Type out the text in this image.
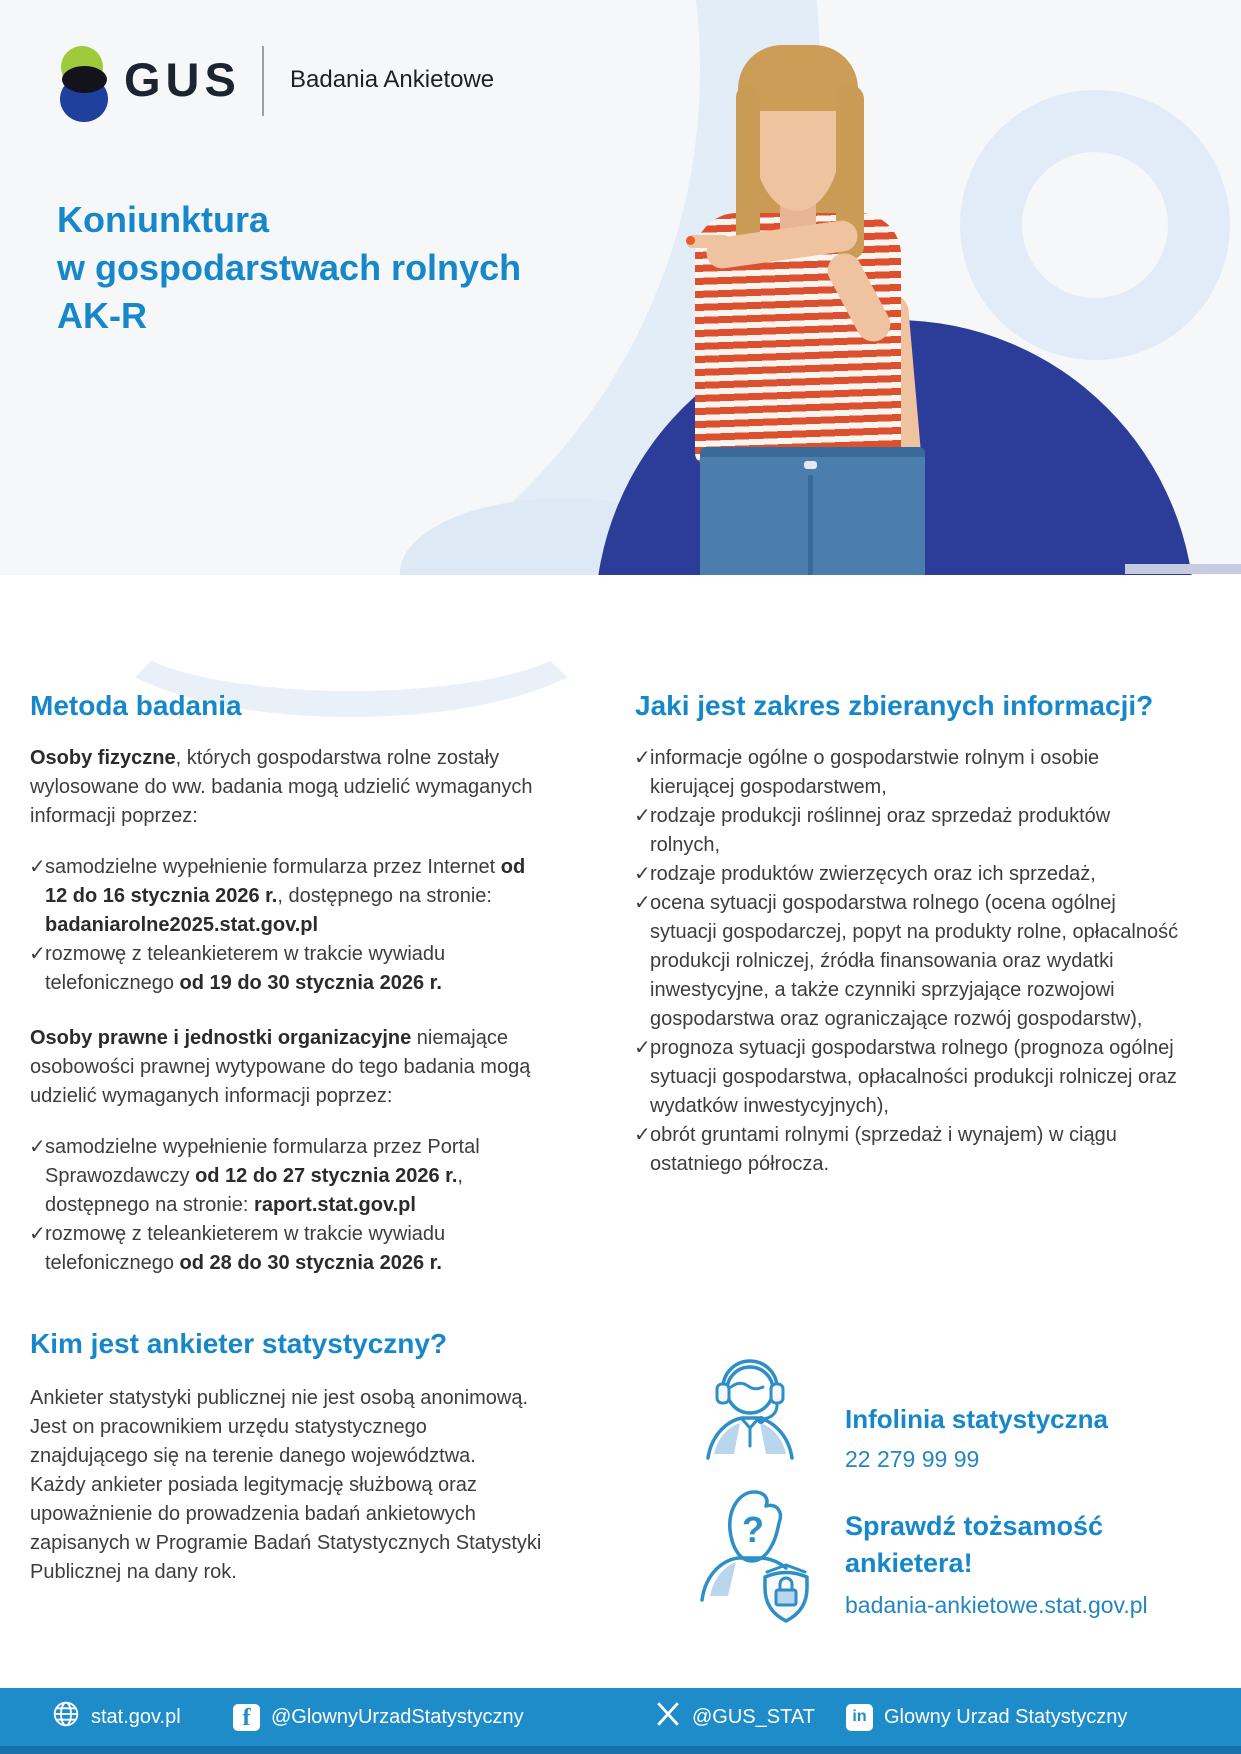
GUS Badania Ankietowe
Koniunktura
w gospodarstwach rolnych
AK-R
Metoda badania

Osoby fizyczne, których gospodarstwa rolne zostały wylosowane do ww. badania mogą udzielić wymaganych informacji poprzez:

✓ samodzielne wypełnienie formularza przez Internet od 12 do 16 stycznia 2026 r., dostępnego na stronie: badaniarolne2025.stat.gov.pl
✓ rozmowę z teleankieterem w trakcie wywiadu telefonicznego od 19 do 30 stycznia 2026 r.

Osoby prawne i jednostki organizacyjne niemające osobowości prawnej wytypowane do tego badania mogą udzielić wymaganych informacji poprzez:

✓ samodzielne wypełnienie formularza przez Portal Sprawozdawczy od 12 do 27 stycznia 2026 r., dostępnego na stronie: raport.stat.gov.pl
✓ rozmowę z teleankieterem w trakcie wywiadu telefonicznego od 28 do 30 stycznia 2026 r.
Kim jest ankieter statystyczny?

Ankieter statystyki publicznej nie jest osobą anonimową. Jest on pracownikiem urzędu statystycznego znajdującego się na terenie danego województwa.

Każdy ankieter posiada legitymację służbową oraz upoważnienie do prowadzenia badań ankietowych zapisanych w Programie Badań Statystycznych Statystyki Publicznej na dany rok.

Jaki jest zakres zbieranych informacji?
✓ informacje ogólne o gospodarstwie rolnym i osobie kierującej gospodarstwem,
✓ rodzaje produkcji roślinnej oraz sprzedaż produktów rolnych,
✓ rodzaje produktów zwierzęcych oraz ich sprzedaż,
✓ ocena sytuacji gospodarstwa rolnego (ocena ogólnej sytuacji gospodarczej, popyt na produkty rolne, opłacalność produkcji rolniczej, źródła finansowania oraz wydatki inwestycyjne, a także czynniki sprzyjające rozwojowi gospodarstwa oraz ograniczające rozwój gospodarstw),
✓ prognoza sytuacji gospodarstwa rolnego (prognoza ogólnej sytuacji gospodarstwa, opłacalności produkcji rolniczej oraz wydatków inwestycyjnych),
✓ obrót gruntami rolnymi (sprzedaż i wynajem) w ciągu ostatniego półrocza.
Infolinia statystyczna
22 279 99 99
?	Sprawdź tożsamość
ankietera!
badania-ankietowe.stat.gov.pl
stat.gov.pl	f	@GlownyUrzadStatystyczny	@GUS_STAT	in Glowny Urzad Statystyczny
